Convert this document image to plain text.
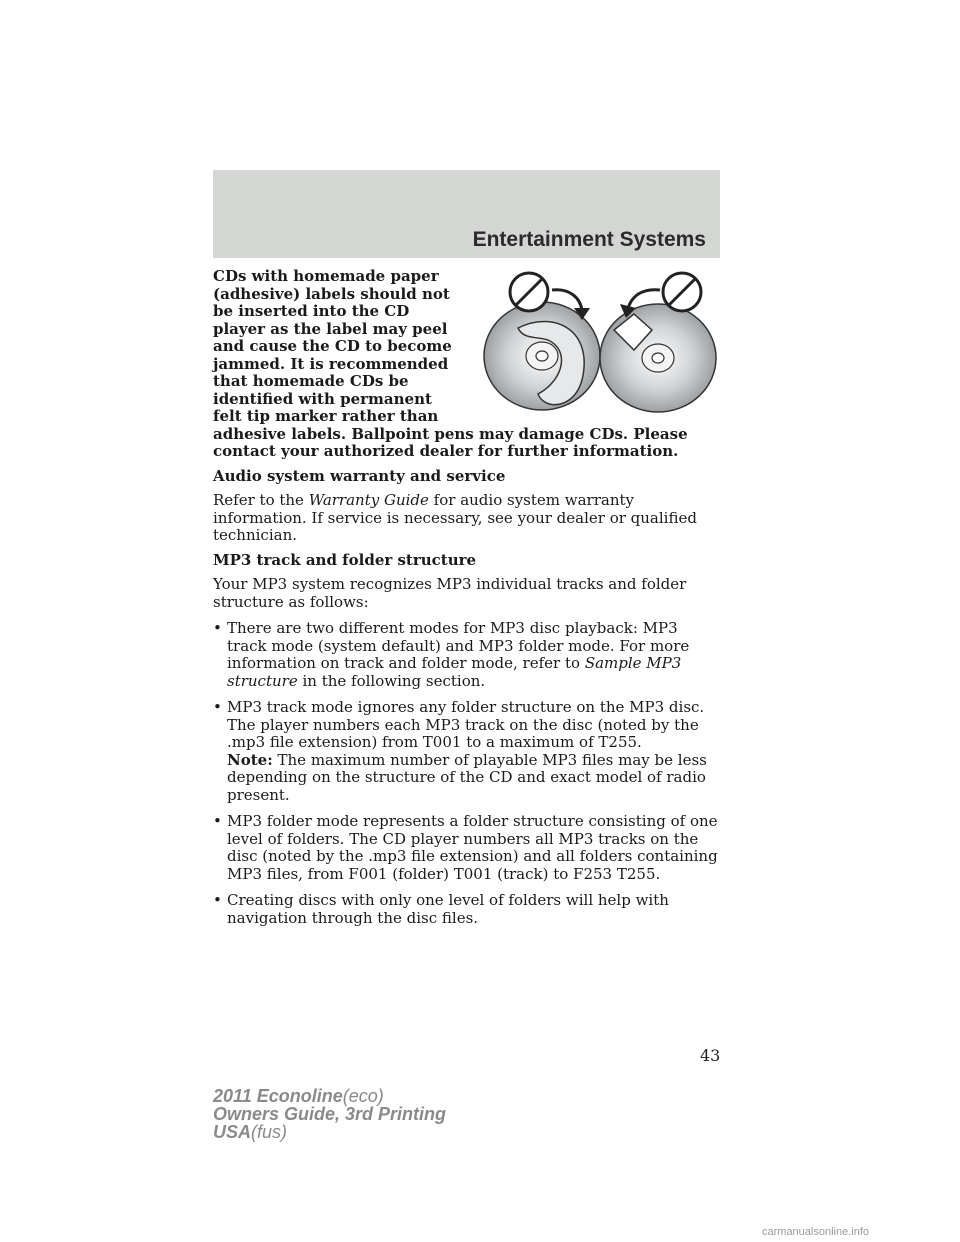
Entertainment Systems

CDs with homemade paper (adhesive) labels should not be inserted into the CD player as the label may peel and cause the CD to become jammed. It is recommended that homemade CDs be identified with permanent felt tip marker rather than adhesive labels. Ballpoint pens may damage CDs. Please contact your authorized dealer for further information.

Audio system warranty and service

Refer to the Warranty Guide for audio system warranty information. If service is necessary, see your dealer or qualified technician.

MP3 track and folder structure

Your MP3 system recognizes MP3 individual tracks and folder structure as follows:

• There are two different modes for MP3 disc playback: MP3 track mode (system default) and MP3 folder mode. For more information on track and folder mode, refer to Sample MP3 structure in the following section.
• MP3 track mode ignores any folder structure on the MP3 disc. The player numbers each MP3 track on the disc (noted by the .mp3 file extension) from T001 to a maximum of T255.
Note: The maximum number of playable MP3 files may be less depending on the structure of the CD and exact model of radio present.
• MP3 folder mode represents a folder structure consisting of one level of folders. The CD player numbers all MP3 tracks on the disc (noted by the .mp3 file extension) and all folders containing MP3 files, from F001 (folder) T001 (track) to F253 T255.
• Creating discs with only one level of folders will help with navigation through the disc files.
43
2011 Econoline(eco)
Owners Guide, 3rd Printing
USA(fus)
carmanualsonline.info
